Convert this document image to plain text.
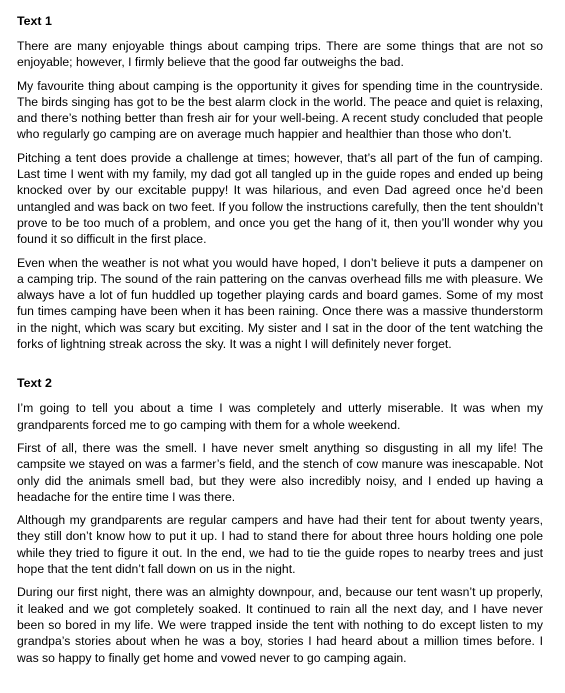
Text 1

There are many enjoyable things about camping trips. There are some things that are not so enjoyable; however, I firmly believe that the good far outweighs the bad.

My favourite thing about camping is the opportunity it gives for spending time in the countryside. The birds singing has got to be the best alarm clock in the world. The peace and quiet is relaxing, and there’s nothing better than fresh air for your well-being. A recent study concluded that people who regularly go camping are on average much happier and healthier than those who don’t.

Pitching a tent does provide a challenge at times; however, that’s all part of the fun of camping. Last time I went with my family, my dad got all tangled up in the guide ropes and ended up being knocked over by our excitable puppy! It was hilarious, and even Dad agreed once he’d been untangled and was back on two feet. If you follow the instructions carefully, then the tent shouldn’t prove to be too much of a problem, and once you get the hang of it, then you’ll wonder why you found it so difficult in the first place.

Even when the weather is not what you would have hoped, I don’t believe it puts a dampener on a camping trip. The sound of the rain pattering on the canvas overhead fills me with pleasure. We always have a lot of fun huddled up together playing cards and board games. Some of my most fun times camping have been when it has been raining. Once there was a massive thunderstorm in the night, which was scary but exciting. My sister and I sat in the door of the tent watching the forks of lightning streak across the sky. It was a night I will definitely never forget.

Text 2

I’m going to tell you about a time I was completely and utterly miserable. It was when my grandparents forced me to go camping with them for a whole weekend.

First of all, there was the smell. I have never smelt anything so disgusting in all my life! The campsite we stayed on was a farmer’s field, and the stench of cow manure was inescapable. Not only did the animals smell bad, but they were also incredibly noisy, and I ended up having a headache for the entire time I was there.

Although my grandparents are regular campers and have had their tent for about twenty years, they still don’t know how to put it up. I had to stand there for about three hours holding one pole while they tried to figure it out. In the end, we had to tie the guide ropes to nearby trees and just hope that the tent didn’t fall down on us in the night.

During our first night, there was an almighty downpour, and, because our tent wasn’t up properly, it leaked and we got completely soaked. It continued to rain all the next day, and I have never been so bored in my life. We were trapped inside the tent with nothing to do except listen to my grandpa’s stories about when he was a boy, stories I had heard about a million times before. I was so happy to finally get home and vowed never to go camping again.
